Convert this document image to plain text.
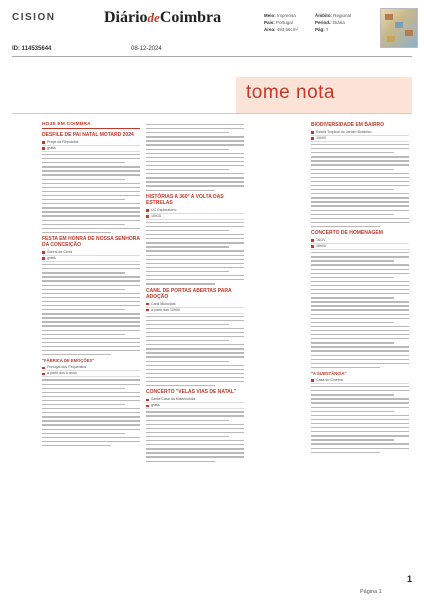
CISION	DiáriodeCoimbra	Meio: Imprensa
País: Portugal
Área: 493,56cm²
Âmbito: Regional
Period.: Diária
Pág: 7
ID: 114535644	08-12-2024
tome nota
HOJE EM COIMBRA
DESFILE DE PAI NATAL MOTARD 2024
Praça da República
grátis
FESTA EM HONRA DE NOSSA SENHORA DA CONCEIÇÃO
Sobral de Ceira
grátis
"FÁBRICA DE EMOÇÕES"
Portugal dos Pequenitos
a partir dos 6 anos
HISTÓRIAS A 360° A VOLTA DAS ESTRELAS
UC Exploratório
10h15
CANIL DE PORTAS ABERTAS PARA ADOÇÃO
Canil Municipal
a partir das 10h00
CONCERTO "VELAS VIAS DE NATAL"
Santa Casa da Misericórdia
grátis
BIODIVERSIDADE EM BAIRRO
Estufa Tropical do Jardim Botânico
10h00
CONCERTO DE HOMENAGEM
TAGV
18h00
"A SUBSTÂNCIA"
Casa do Cinema
1
Página 1
